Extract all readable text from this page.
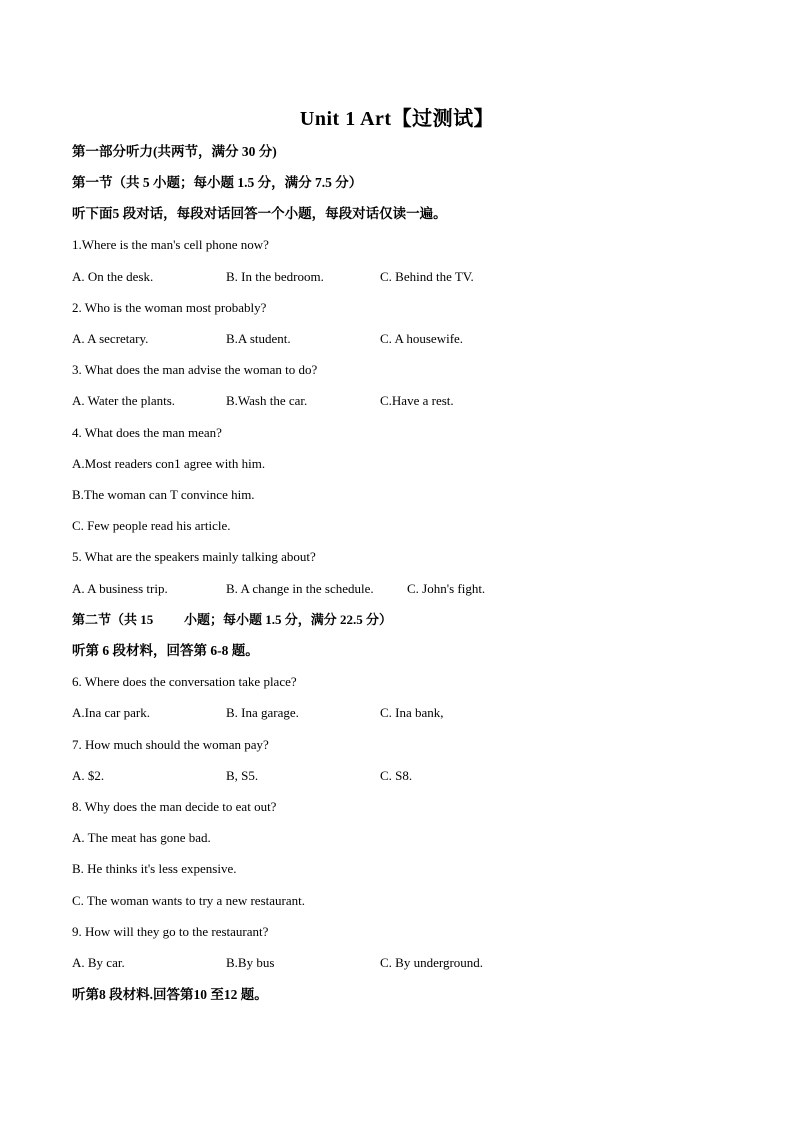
Unit 1 Art【过测试】
第一部分听力(共两节，满分 30 分)
第一节（共 5 小题；每小题 1.5 分，满分 7.5 分）
听下面5 段对话，每段对话回答一个小题，每段对话仅读一遍。
1.Where is the man's cell phone now?
A. On the desk.	B. In the bedroom.	C. Behind the TV.
2. Who is the woman most probably?
A. A secretary.	B.A student.	C. A housewife.
3. What does the man advise the woman to do?
A. Water the plants.	B.Wash the car.	C.Have a rest.
4. What does the man mean?
A.Most readers con1 agree with him.
B.The woman can T convince him.
C. Few people read his article.
5. What are the speakers mainly talking about?
A. A business trip.	B. A change in the schedule.	C. John's fight.
第二节（共 15 小题；每小题 1.5 分，满分 22.5 分）
听第 6 段材料，回答第 6-8 题。
6. Where does the conversation take place?
A.Ina car park.	B. Ina garage.	C. Ina bank,
7. How much should the woman pay?
A. $2.	B, S5.	C. S8.
8. Why does the man decide to eat out?
A. The meat has gone bad.
B. He thinks it's less expensive.
C. The woman wants to try a new restaurant.
9. How will they go to the restaurant?
A. By car.	B.By bus	C. By underground.
听第8 段材料.回答第10 至12 题。
